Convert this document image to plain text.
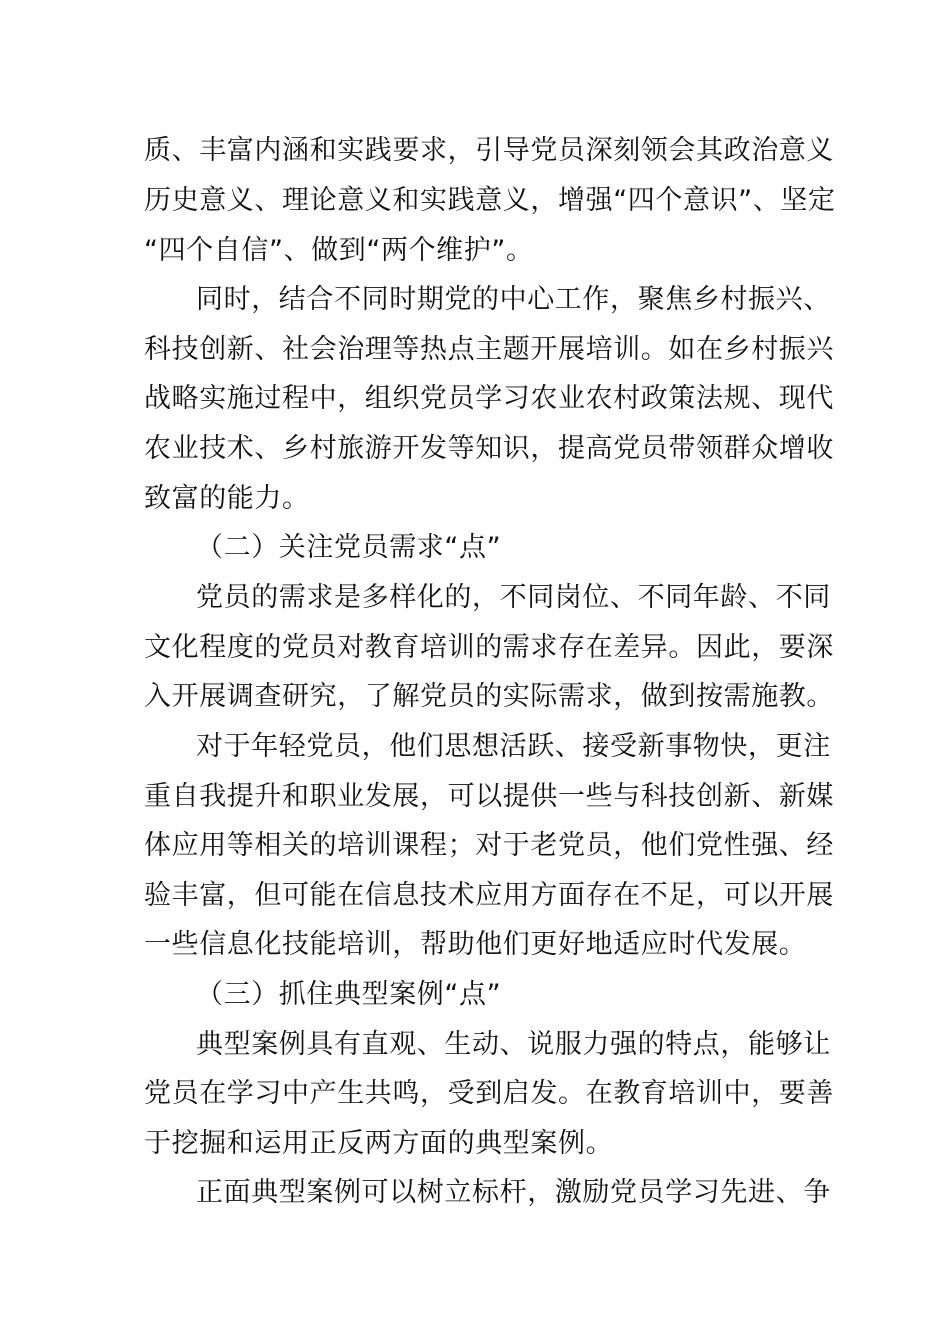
质、丰富内涵和实践要求，引导党员深刻领会其政治意义
历史意义、理论意义和实践意义，增强“四个意识”、坚定
“四个自信”、做到“两个维护”。
同时，结合不同时期党的中心工作，聚焦乡村振兴、
科技创新、社会治理等热点主题开展培训。如在乡村振兴
战略实施过程中，组织党员学习农业农村政策法规、现代
农业技术、乡村旅游开发等知识，提高党员带领群众增收
致富的能力。
（二）关注党员需求“点”
党员的需求是多样化的，不同岗位、不同年龄、不同
文化程度的党员对教育培训的需求存在差异。因此，要深
入开展调查研究，了解党员的实际需求，做到按需施教。
对于年轻党员，他们思想活跃、接受新事物快，更注
重自我提升和职业发展，可以提供一些与科技创新、新媒
体应用等相关的培训课程；对于老党员，他们党性强、经
验丰富，但可能在信息技术应用方面存在不足，可以开展
一些信息化技能培训，帮助他们更好地适应时代发展。
（三）抓住典型案例“点”
典型案例具有直观、生动、说服力强的特点，能够让
党员在学习中产生共鸣，受到启发。在教育培训中，要善
于挖掘和运用正反两方面的典型案例。
正面典型案例可以树立标杆，激励党员学习先进、争
